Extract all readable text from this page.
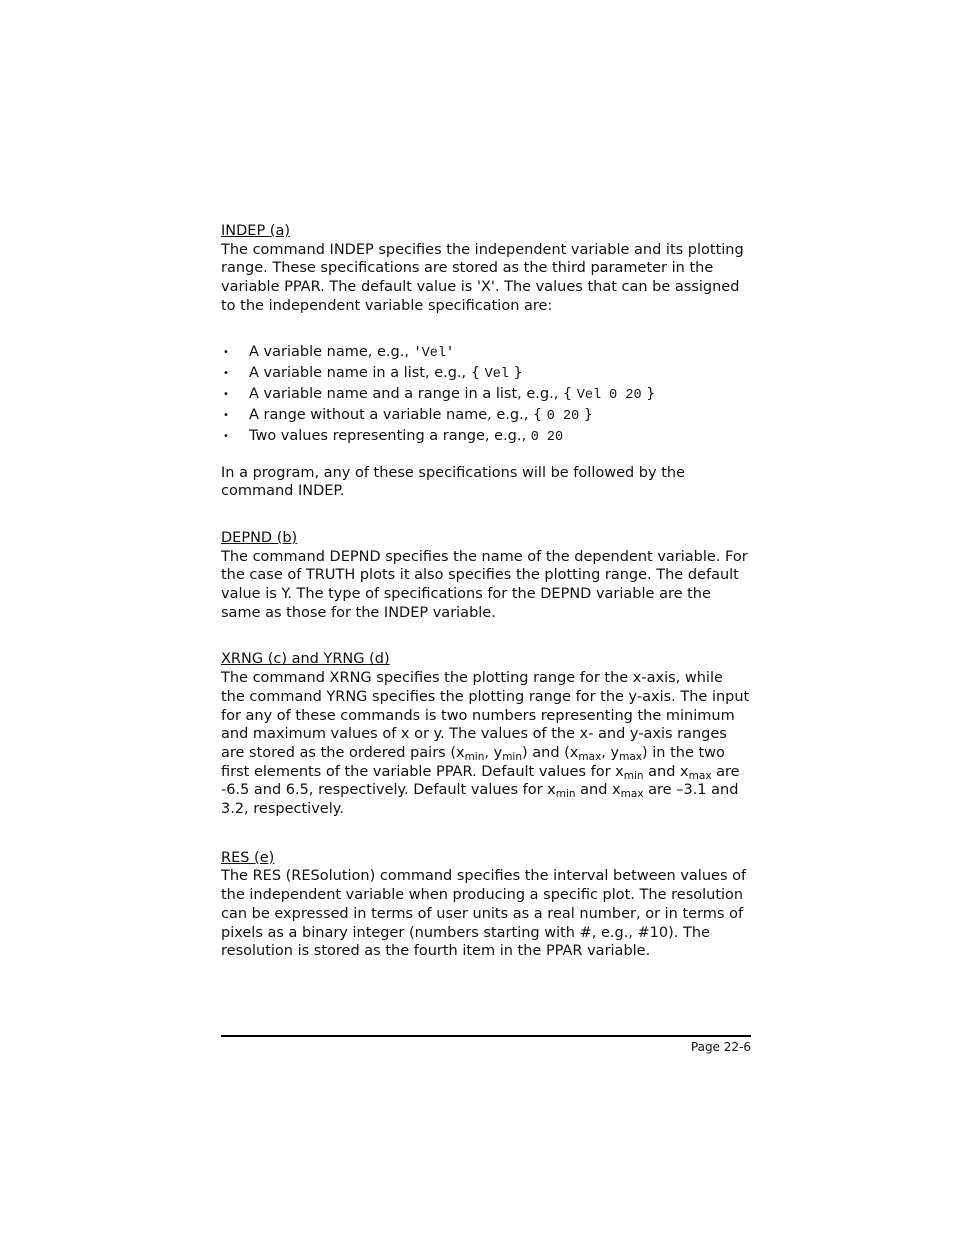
INDEP (a)

The command INDEP specifies the independent variable and its plotting range. These specifications are stored as the third parameter in the variable PPAR. The default value is 'X'. The values that can be assigned to the independent variable specification are:

• A variable name, e.g., 'Vel'
• A variable name in a list, e.g., { Vel }
• A variable name and a range in a list, e.g., { Vel 0 20 }
• A range without a variable name, e.g., { 0 20 }
• Two values representing a range, e.g., 0 20

In a program, any of these specifications will be followed by the command INDEP.

DEPND (b)

The command DEPND specifies the name of the dependent variable. For the case of TRUTH plots it also specifies the plotting range. The default value is Y. The type of specifications for the DEPND variable are the same as those for the INDEP variable.

XRNG (c) and YRNG (d)

The command XRNG specifies the plotting range for the x-axis, while the command YRNG specifies the plotting range for the y-axis. The input for any of these commands is two numbers representing the minimum and maximum values of x or y. The values of the x- and y-axis ranges are stored as the ordered pairs ($x_{min}$, $y_{min}$) and ($x_{max}$, $y_{max}$) in the two first elements of the variable PPAR. Default values for $x_{min}$ and $x_{max}$ are -6.5 and 6.5, respectively. Default values for $x_{min}$ and $x_{max}$ are –3.1 and 3.2, respectively.

RES (e)

The RES (RESolution) command specifies the interval between values of the independent variable when producing a specific plot. The resolution can be expressed in terms of user units as a real number, or in terms of pixels as a binary integer (numbers starting with #, e.g., #10). The resolution is stored as the fourth item in the PPAR variable.

Page 22-6
